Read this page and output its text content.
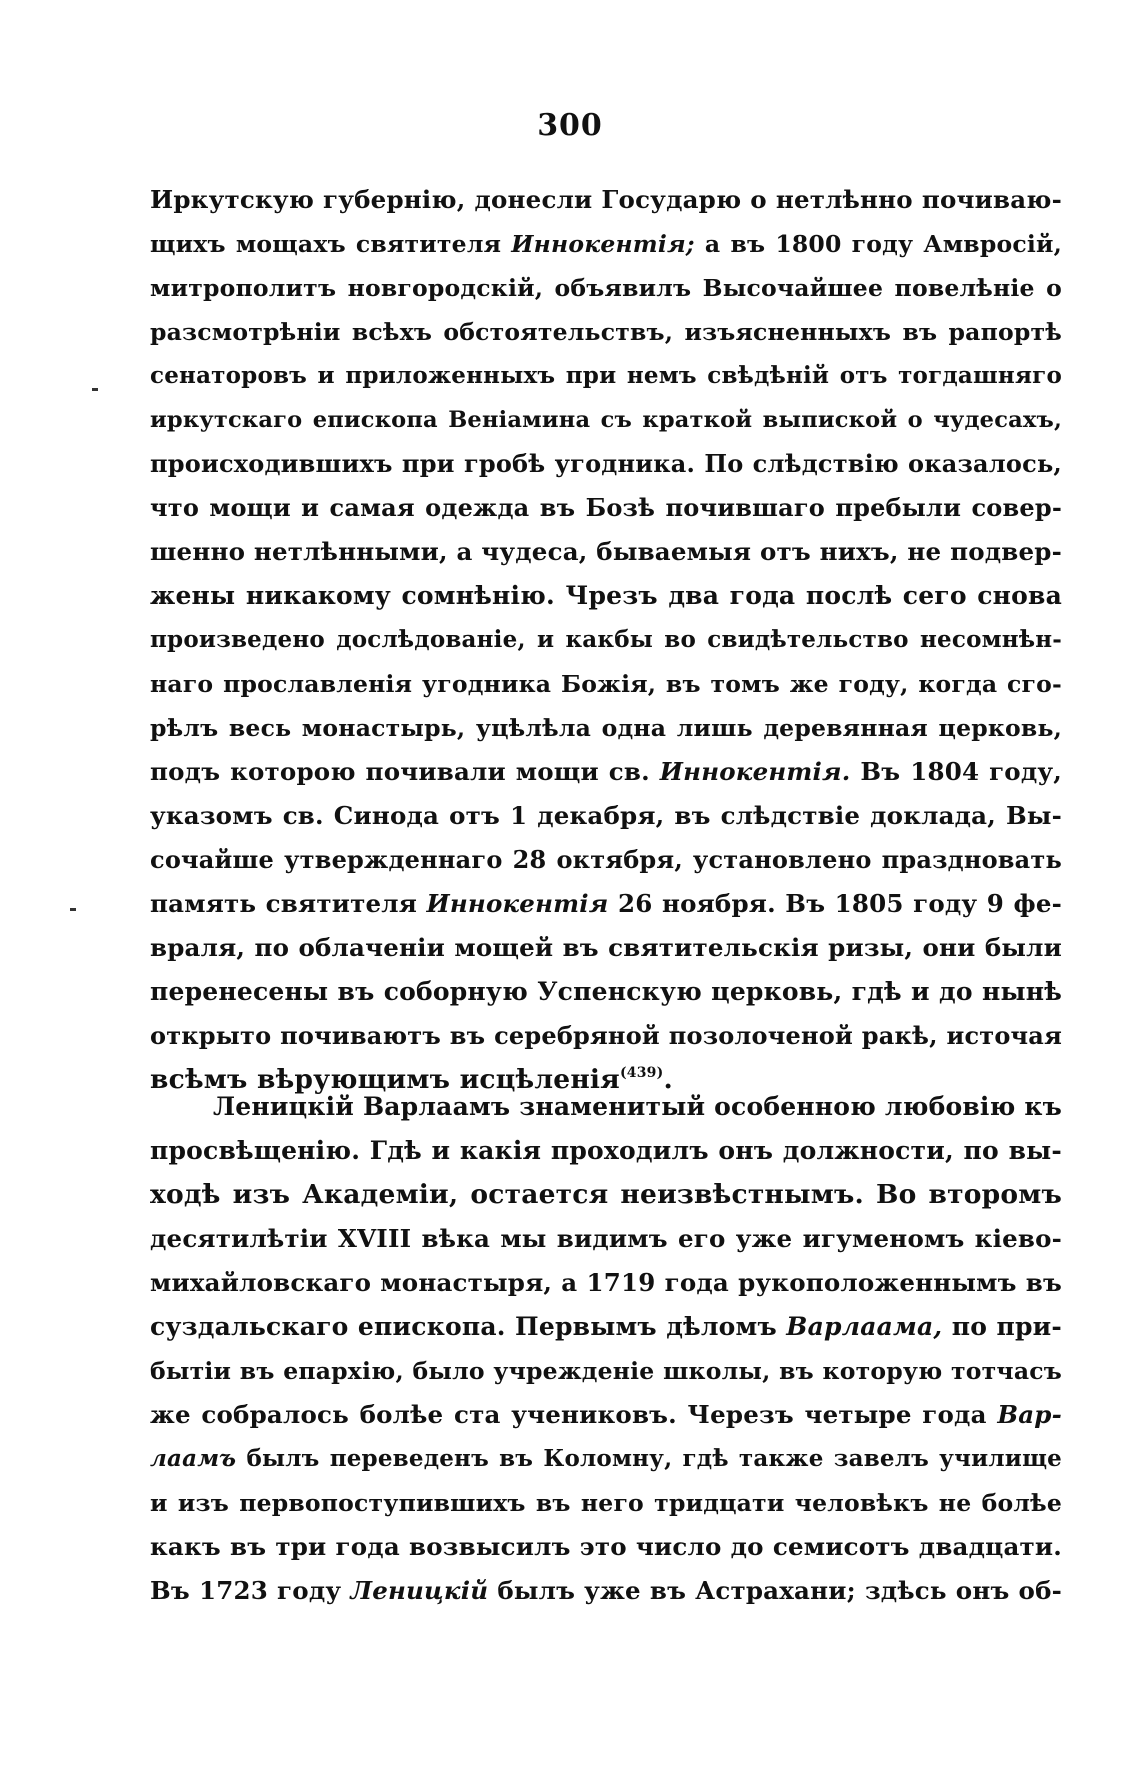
300
Иркутскую губернію, донесли Государю о нетлѣнно почиваю-
щихъ мощахъ святителя Иннокентія; а въ 1800 году Амвросій,
митрополитъ новгородскій, объявилъ Высочайшее повелѣніе о
разсмотрѣніи всѣхъ обстоятельствъ, изъясненныхъ въ рапортѣ
сенаторовъ и приложенныхъ при немъ свѣдѣній отъ тогдашняго
иркутскаго епископа Веніамина съ краткой выпиской о чудесахъ,
происходившихъ при гробѣ угодника. По слѣдствію оказалось,
что мощи и самая одежда въ Бозѣ почившаго пребыли совер-
шенно нетлѣнными, а чудеса, бываемыя отъ нихъ, не подвер-
жены никакому сомнѣнію. Чрезъ два года послѣ сего снова
произведено дослѣдованіе, и какбы во свидѣтельство несомнѣн-
наго прославленія угодника Божія, въ томъ же году, когда сго-
рѣлъ весь монастырь, уцѣлѣла одна лишь деревянная церковь,
подъ которою почивали мощи св. Иннокентія. Въ 1804 году,
указомъ св. Синода отъ 1 декабря, въ слѣдствіе доклада, Вы-
сочайше утвержденнаго 28 октября, установлено праздновать
память святителя Иннокентія 26 ноября. Въ 1805 году 9 фе-
враля, по облаченіи мощей въ святительскія ризы, они были
перенесены въ соборную Успенскую церковь, гдѣ и до нынѣ
открыто почиваютъ въ серебряной позолоченой ракѣ, источая
всѣмъ вѣрующимъ исцѣленія$^{(439)}$.
Леницкій Варлаамъ знаменитый особенною любовію къ
просвѣщенію. Гдѣ и какія проходилъ онъ должности, по вы-
ходѣ изъ Академіи, остается неизвѣстнымъ. Во второмъ
десятилѣтіи XVIII вѣка мы видимъ его уже игуменомъ кіево-
михайловскаго монастыря, а 1719 года рукоположеннымъ въ
суздальскаго епископа. Первымъ дѣломъ Варлаама, по при-
бытіи въ епархію, было учрежденіе школы, въ которую тотчасъ
же собралось болѣе ста учениковъ. Черезъ четыре года Вар-
лаамъ былъ переведенъ въ Коломну, гдѣ также завелъ училище
и изъ первопоступившихъ въ него тридцати человѣкъ не болѣе
какъ въ три года возвысилъ это число до семисотъ двадцати.
Въ 1723 году Леницкій былъ уже въ Астрахани; здѣсь онъ об-
